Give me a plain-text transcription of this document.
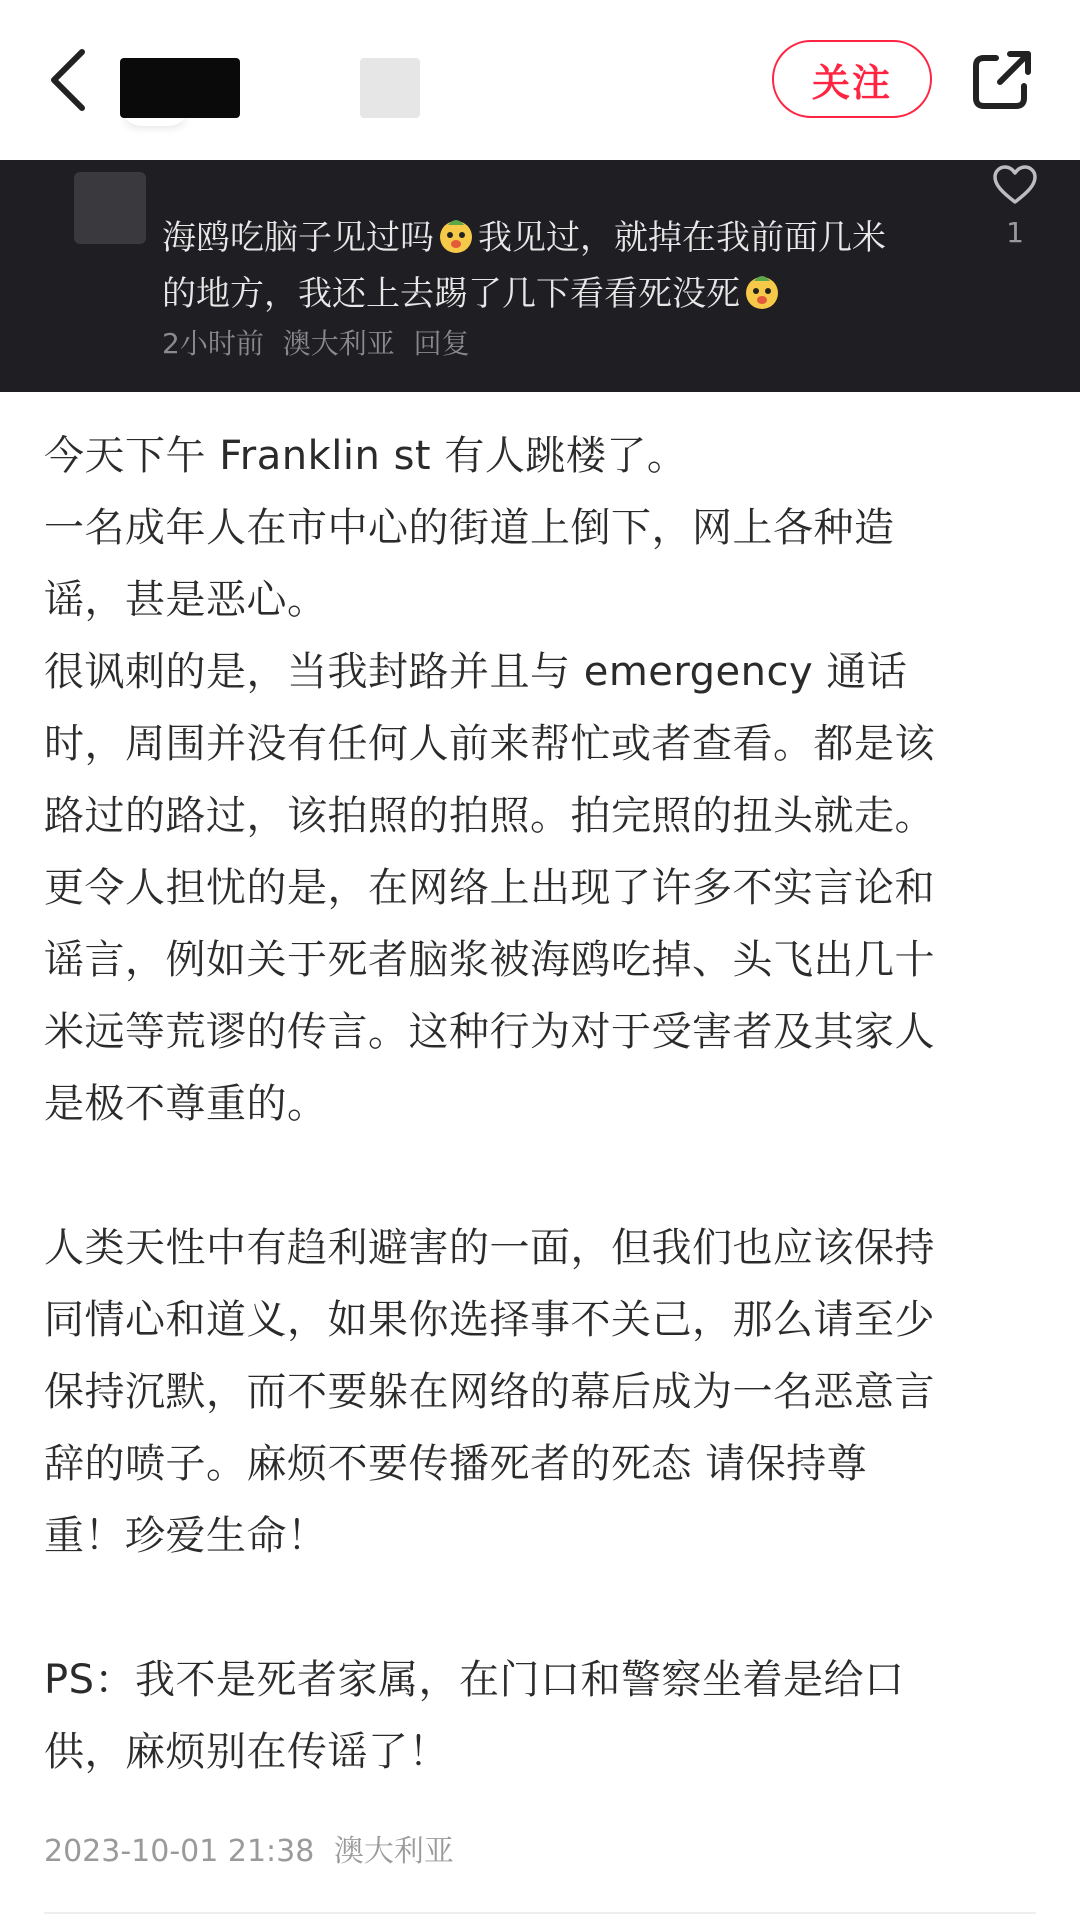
关注
海鸥吃脑子见过吗 我见过，就掉在我前面几米
的地方，我还上去踢了几下看看死没死
2小时前 澳大利亚 回复
1
今天下午 Franklin st 有人跳楼了。
一名成年人在市中心的街道上倒下，网上各种造
谣，甚是恶心。
很讽刺的是，当我封路并且与 emergency 通话
时，周围并没有任何人前来帮忙或者查看。都是该
路过的路过，该拍照的拍照。拍完照的扭头就走。
更令人担忧的是，在网络上出现了许多不实言论和
谣言，例如关于死者脑浆被海鸥吃掉、头飞出几十
米远等荒谬的传言。这种行为对于受害者及其家人
是极不尊重的。
人类天性中有趋利避害的一面，但我们也应该保持
同情心和道义，如果你选择事不关己，那么请至少
保持沉默，而不要躲在网络的幕后成为一名恶意言
辞的喷子。麻烦不要传播死者的死态 请保持尊
重！珍爱生命！
PS：我不是死者家属，在门口和警察坐着是给口
供，麻烦别在传谣了！
2023-10-01 21:38 澳大利亚
